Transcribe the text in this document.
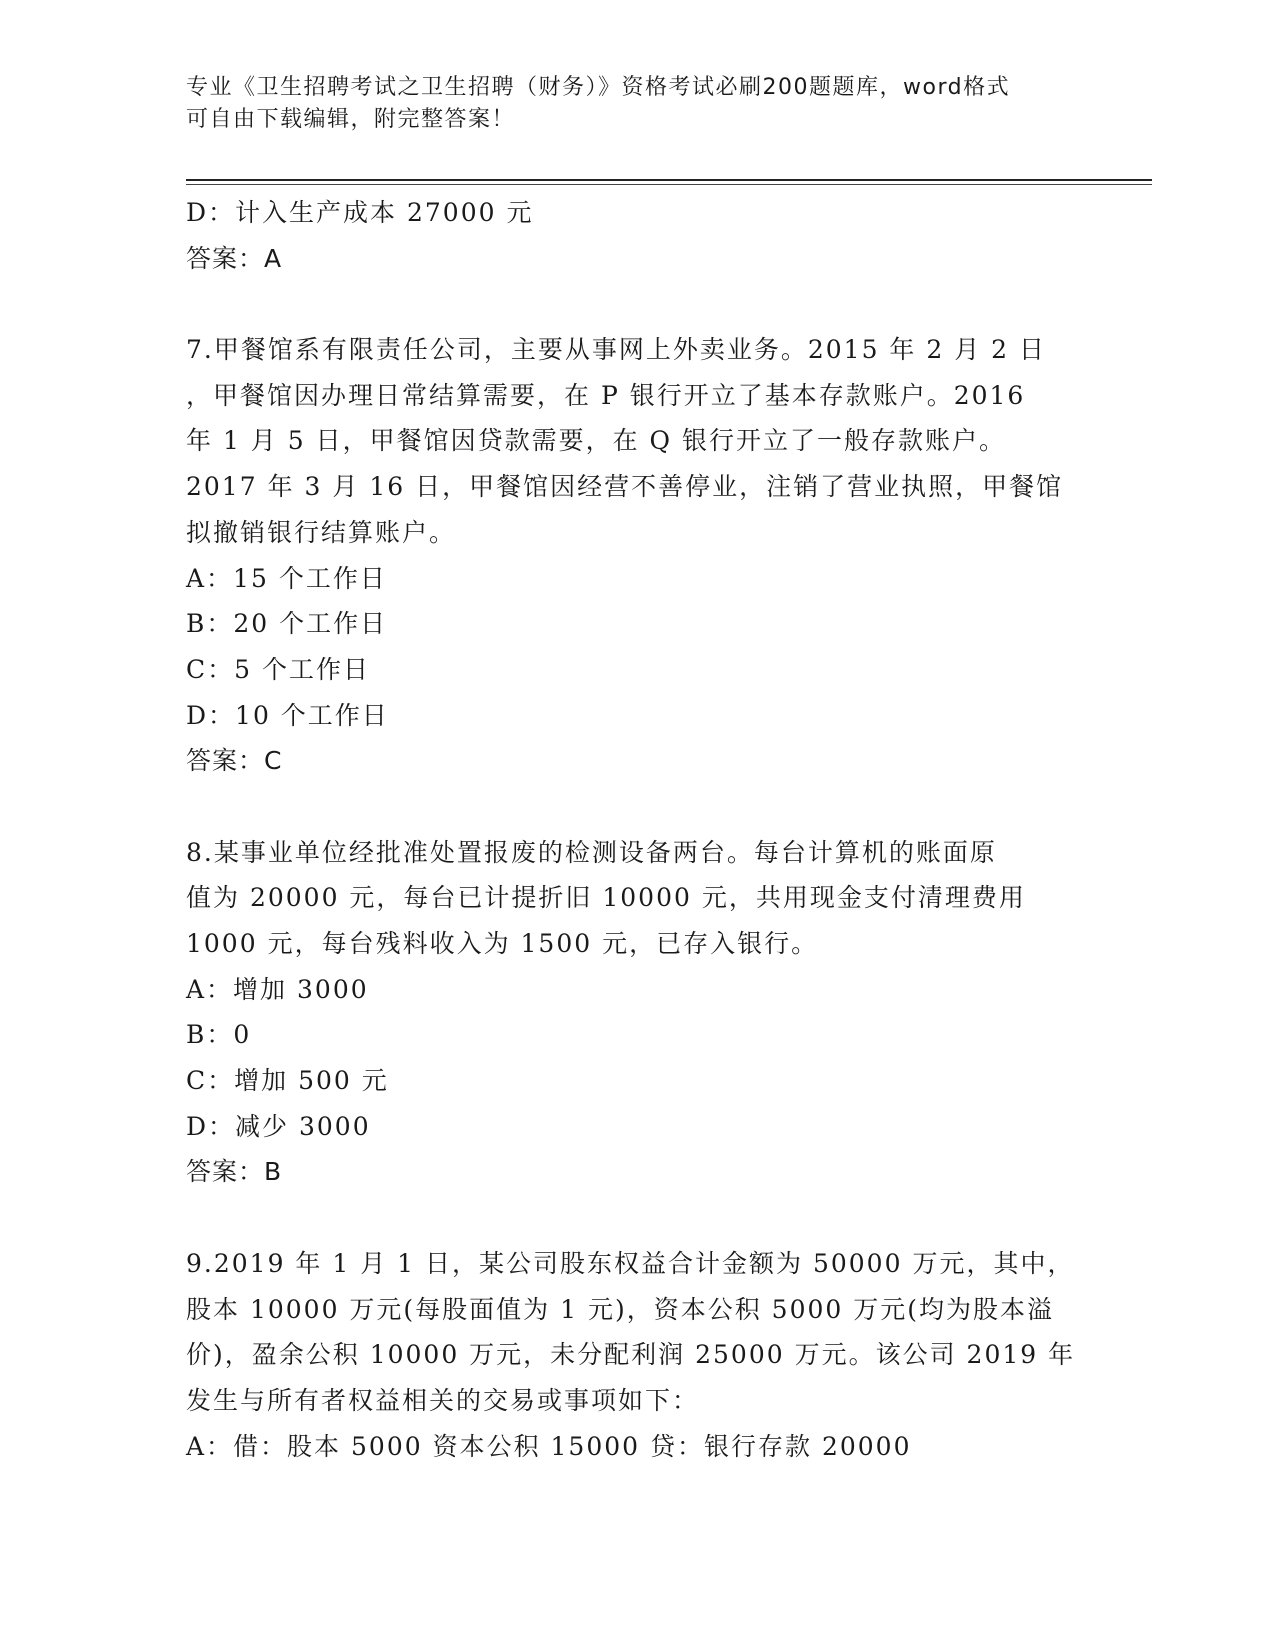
专业《卫生招聘考试之卫生招聘（财务）》资格考试必刷200题题库，word格式
可自由下载编辑，附完整答案！
D：计入生产成本 27000 元
答案：A
7.甲餐馆系有限责任公司，主要从事网上外卖业务。2015 年 2 月 2 日
，甲餐馆因办理日常结算需要，在 P 银行开立了基本存款账户。2016
年 1 月 5 日，甲餐馆因贷款需要，在 Q 银行开立了一般存款账户。
2017 年 3 月 16 日，甲餐馆因经营不善停业，注销了营业执照，甲餐馆
拟撤销银行结算账户。
A：15 个工作日
B：20 个工作日
C：5 个工作日
D：10 个工作日
答案：C
8.某事业单位经批准处置报废的检测设备两台。每台计算机的账面原
值为 20000 元，每台已计提折旧 10000 元，共用现金支付清理费用
1000 元，每台残料收入为 1500 元，已存入银行。
A：增加 3000
B：0
C：增加 500 元
D：减少 3000
答案：B
9.2019 年 1 月 1 日，某公司股东权益合计金额为 50000 万元，其中，
股本 10000 万元(每股面值为 1 元)，资本公积 5000 万元(均为股本溢
价)，盈余公积 10000 万元，未分配利润 25000 万元。该公司 2019 年
发生与所有者权益相关的交易或事项如下：
A：借：股本 5000 资本公积 15000 贷：银行存款 20000
